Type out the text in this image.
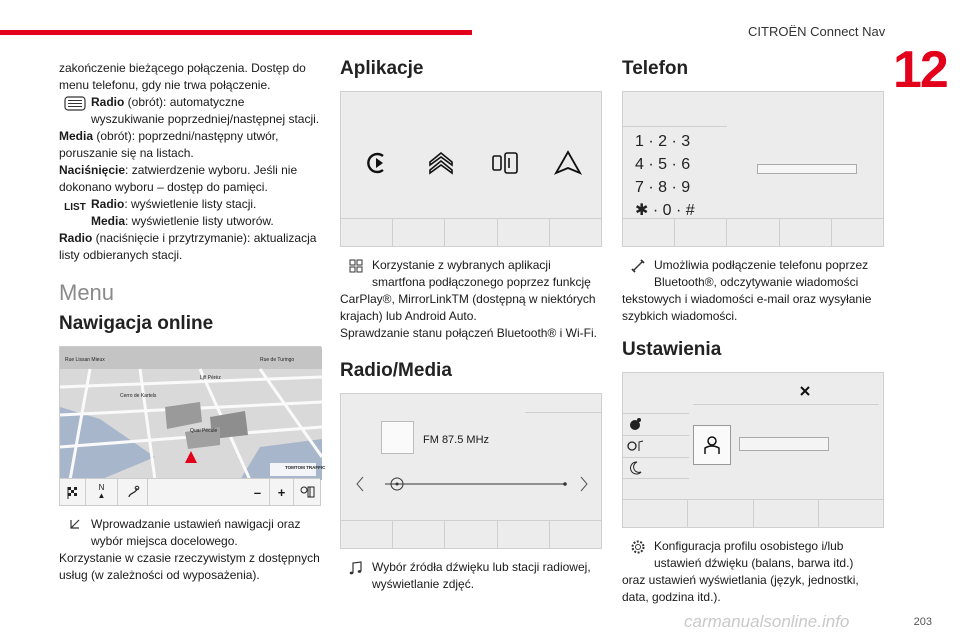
CITROËN Connect Nav
12

zakończenie bieżącego połączenia. Dostęp do menu telefonu, gdy nie trwa połączenie.

Radio (obrót): automatyczne wyszukiwanie poprzedniej/następnej stacji.

Media (obrót): poprzedni/następny utwór, poruszanie się na listach.

Naciśnięcie: zatwierdzenie wyboru. Jeśli nie dokonano wyboru – dostęp do pamięci.

LIST Radio: wyświetlenie listy stacji.
Media: wyświetlenie listy utworów.

Radio (naciśnięcie i przytrzymanie): aktualizacja listy odbieranych stacji.

Menu
Nawigacja online
Rue Lissan Mieux	Rue de Turingo
Ljfi Pérèz
Cerro de Kartels
Quai Pécule
TOMTOM TRAFFIC
N
▲	–	+
Wprowadzanie ustawień nawigacji oraz wybór miejsca docelowego.

Korzystanie w czasie rzeczywistym z dostępnych usług (w zależności od wyposażenia).

Aplikacje
Korzystanie z wybranych aplikacji smartfona podłączonego poprzez funkcję

CarPlay®, MirrorLinkTM (dostępną w niektórych krajach) lub Android Auto.

Sprawdzanie stanu połączeń Bluetooth® i Wi-Fi.

Radio/Media
FM 87.5 MHz
Wybór źródła dźwięku lub stacji radiowej, wyświetlanie zdjęć.
Telefon
1 · 2 · 3
4 · 5 · 6
7 · 8 · 9
✱ · 0 · #
Umożliwia podłączenie telefonu poprzez Bluetooth®, odczytywanie wiadomości

tekstowych i wiadomości e-mail oraz wysyłanie szybkich wiadomości.

Ustawienia
Konfiguracja profilu osobistego i/lub ustawień dźwięku (balans, barwa itd.)

oraz ustawień wyświetlania (język, jednostki, data, godzina itd.).

carmanualsonline.info	203
